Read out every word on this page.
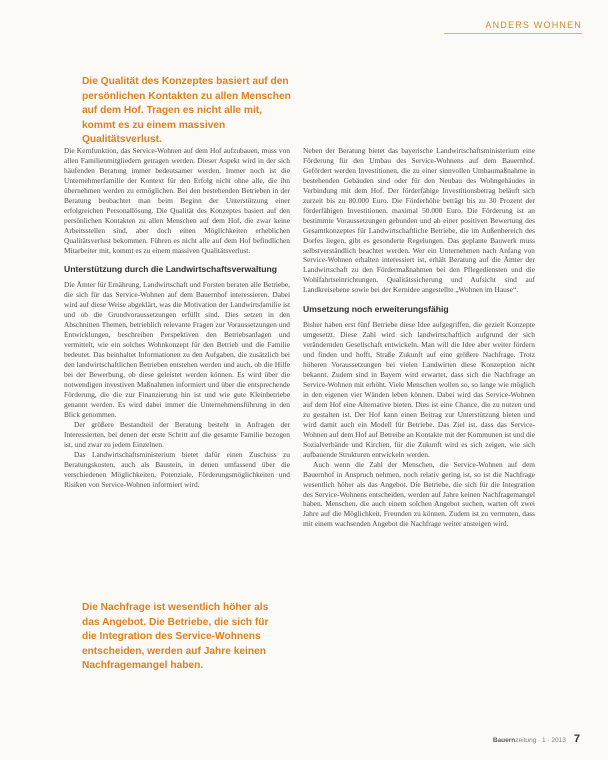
ANDERS WOHNEN

Die Qualität des Konzeptes basiert auf den persönlichen Kontakten zu allen Menschen auf dem Hof. Tragen es nicht alle mit, kommt es zu einem massiven Qualitätsverlust.

Die Kernfunktion, das Service-Wohnen auf dem Hof aufzubauen, muss von allen Familienmitgliedern getragen werden. Dieser Aspekt wird in der sich häufenden Beratung immer bedeutsamer werden. Immer noch ist die Unternehmerfamilie der Kontext für den Erfolg nicht ohne alle, die ihn übernehmen werden zu ermöglichen. Bei den bestehenden Betrieben in der Beratung beobachtet man beim Beginn der Unterstützung einer erfolgreichen Personallösung. Die Qualität des Konzeptes basiert auf den persönlichen Kontakten zu allen Menschen auf dem Hof, die zwar keine Arbeitsstellen sind, aber doch einen Möglichkeiten erheblichen Qualitätsverlust bekommen. Führen es nicht alle auf dem Hof befindlichen Mitarbeiter mit, kommt es zu einem massiven Qualitätsverlust.

Unterstützung durch die Landwirtschaftsverwaltung

Die Ämter für Ernährung, Landwirtschaft und Forsten beraten alle Betriebe, die sich für das Service-Wohnen auf dem Bauernhof interessieren. Dabei wird auf diese Weise abgeklärt, was die Motivation der Landwirtsfamilie ist und ob die Grundvoraussetzungen erfüllt sind. Dies setzen in den Abschnitten Themen, betrieblich relevante Fragen zur Voraussetzungen und Entwicklungen, beschreiben Perspektiven den Betriebsanlagen und vermittelt, wie ein solches Wohnkonzept für den Betrieb und die Familie bedeutet. Das beinhaltet Informationen zu den Aufgaben, die zusätzlich bei den landwirtschaftlichen Betrieben entstehen werden und auch, ob die Hilfe bei der Bewerbung, ob diese geleistet werden können. Es wird über die notwendigen investiven Maßnahmen informiert und über die entsprechende Förderung, die die zur Finanzierung hin ist und wie gute Kleinbetriebe genannt werden. Es wird dabei immer die Unternehmensführung in den Blick genommen.

Der größere Bestandteil der Beratung besteht in Anfragen der Interessierten, bei denen der erste Schritt auf die gesamte Familie bezogen ist, und zwar zu jedem Einzelnen.

Das Landwirtschaftsministerium bietet dafür einen Zuschuss zu Beratungskosten, auch als Baustein, in denen umfassend über die verschiedenen Möglichkeiten, Potenziale, Förderungsmöglichkeiten und Risiken von Service-Wohnen informiert wird.

Die Nachfrage ist wesentlich höher als das Angebot. Die Betriebe, die sich für die Integration des Service-Wohnens entscheiden, werden auf Jahre keinen Nachfragemangel haben.

Neben der Beratung bietet das bayerische Landwirtschaftsministerium eine Förderung für den Umbau des Service-Wohnens auf dem Bauernhof. Gefördert werden Investitionen, die zu einer sinnvollen Umbaumaßnahme in bestehenden Gebäuden sind oder für den Neubau des Wohngebäudes in Verbindung mit dem Hof. Der förderfähige Investitionsbetrag beläuft sich zurzeit bis zu 80.000 Euro. Die Förderhöhe beträgt bis zu 30 Prozent der förderfähigen Investitionen, maximal 50.000 Euro. Die Förderung ist an bestimmte Voraussetzungen gebunden und ab einer positiven Bewertung des Gesamtkonzeptes für Landwirtschaftliche Betriebe, die im Außenbereich des Dorfes liegen, gibt es gesonderte Regelungen. Das geplante Bauwerk muss selbstverständlich beachtet werden. Wer ein Unternehmen nach Anfang von Service-Wohnen erhalten interessiert ist, erhält Beratung auf die Ämter der Landwirtschaft zu den Fördermaßnahmen bei den Pflegediensten und die Wohlfahrtseinrichtungen. Qualitätssicherung und Aufsicht sind auf Landkreisebene sowie bei der Kernidee angestellte „Wohnen im Hause“.

Umsetzung noch erweiterungsfähig

Bisher haben erst fünf Betriebe diese Idee aufgegriffen, die gezielt Konzepte umgesetzt. Diese Zahl wird sich landwirtschaftlich aufgrund der sich verändernden Gesellschaft entwickeln. Man will die Idee aber weiter fördern und finden und hofft, Straße Zukunft auf eine größere Nachfrage. Trotz höheren Voraussetzungen bei vielen Landwirten diese Konzeption nicht bekannt. Zudem sind in Bayern wird erwartet, dass sich die Nachfrage an Service-Wohnen mit erhöht. Viele Menschen wollen so, so lange wie möglich in den eigenen vier Wänden leben können. Dabei wird das Service-Wohnen auf dem Hof eine Alternative bieten. Dies ist eine Chance, die zu nutzen und zu gestalten ist. Der Hof kann einen Beitrag zur Unterstützung bieten und wird damit auch ein Modell für Betriebe. Das Ziel ist, dass das Service-Wohnen auf dem Hof auf Betreibe an Kontakte mit der Kommunen ist und die Sozialverbände und Kirchen, für die Zukunft wird es sich zeigen, wie sich aufbauende Strukturen entwickeln werden.

Auch wenn die Zahl der Menschen, die Service-Wohnen auf dem Bauernhof in Anspruch nehmen, noch relativ gering ist, so ist die Nachfrage wesentlich höher als das Angebot. Die Betriebe, die sich für die Integration des Service-Wohnens entscheiden, werden auf Jahre keinen Nachfragemangel haben. Menschen, die auch einem solchen Angebot suchen, warten oft zwei Jahre auf die Möglichkeit, Freunden zu können. Zudem ist zu vermuten, dass mit einem wachsenden Angebot die Nachfrage weiter ansteigen wird.

Bauernzeitung · 1 · 2013 7
